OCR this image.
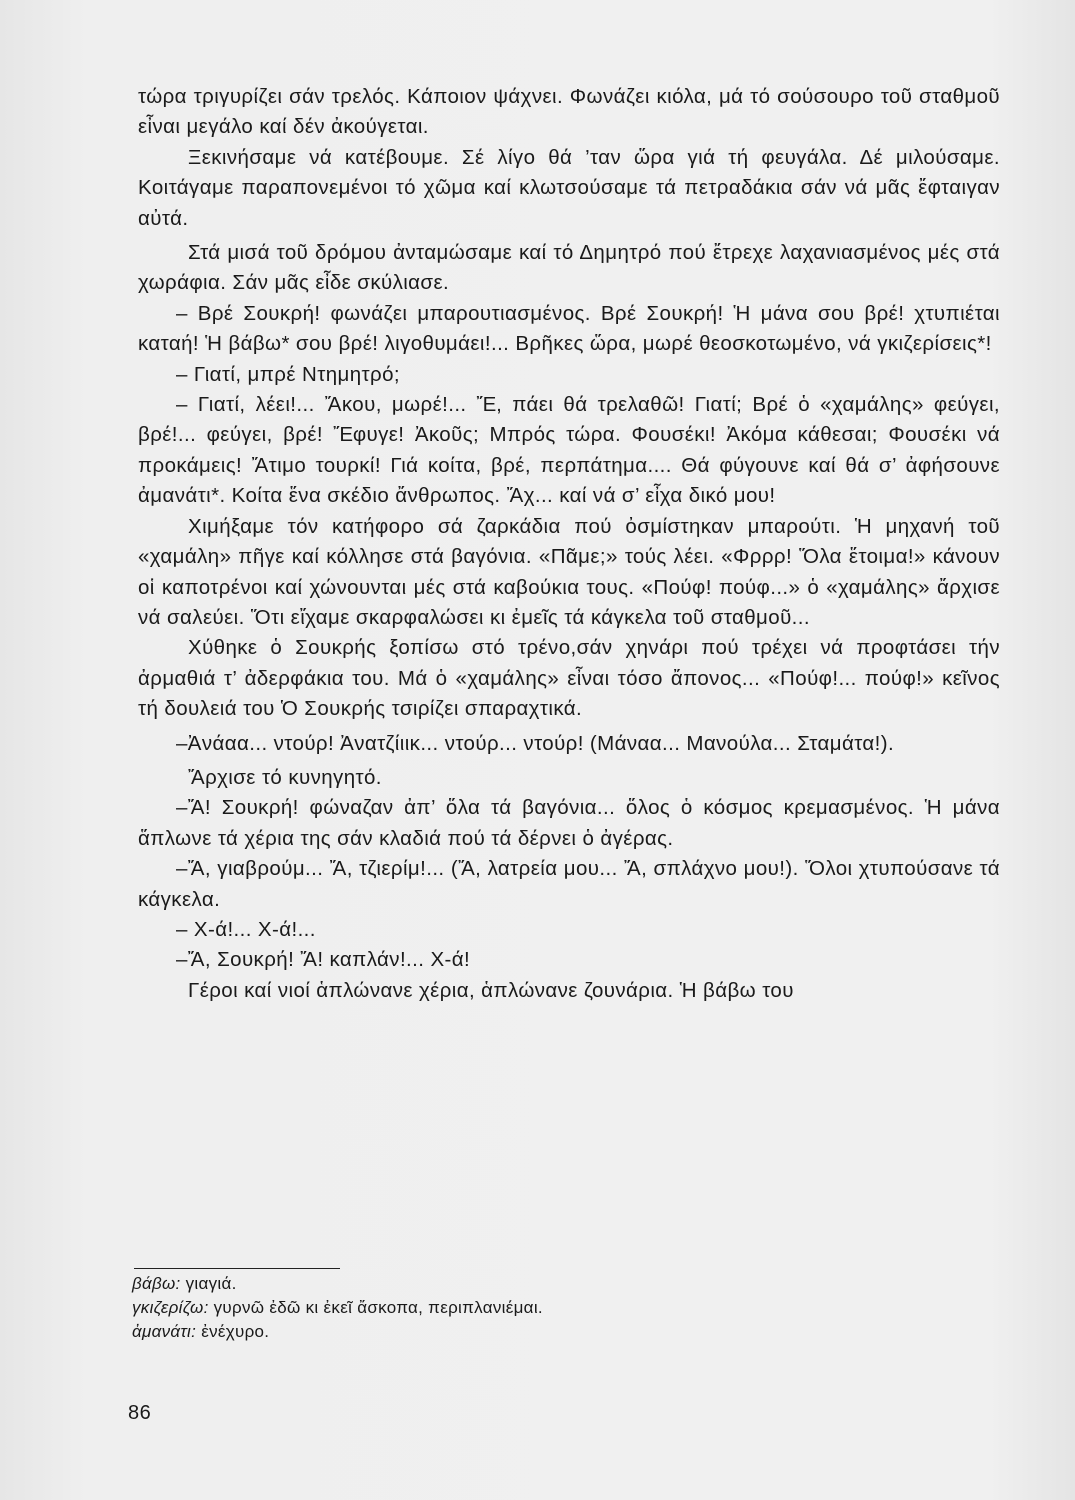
τώρα τριγυρίζει σάν τρελός. Κάποιον ψάχνει. Φωνάζει κιόλα, μά τό σούσουρο τοῦ σταθμοῦ εἶναι μεγάλο καί δέν ἀκούγεται.

Ξεκινήσαμε νά κατέβουμε. Σέ λίγο θά ’ταν ὥρα γιά τή φευγάλα. Δέ μιλούσαμε. Κοιτάγαμε παραπονεμένοι τό χῶμα καί κλωτσούσαμε τά πετραδάκια σάν νά μᾶς ἔφταιγαν αὐτά.

Στά μισά τοῦ δρόμου ἀνταμώσαμε καί τό Δημητρό πού ἔτρεχε λαχανιασμένος μές στά χωράφια. Σάν μᾶς εἶδε σκύλιασε.

– Βρέ Σουκρή! φωνάζει μπαρουτιασμένος. Βρέ Σουκρή! Ἡ μάνα σου βρέ! χτυπιέται καταή! Ἡ βάβω* σου βρέ! λιγοθυμάει!... Βρῆκες ὥρα, μωρέ θεοσκοτωμένο, νά γκιζερίσεις*!

– Γιατί, μπρέ Ντημητρό;

– Γιατί, λέει!... Ἄκου, μωρέ!... Ἔ, πάει θά τρελαθῶ! Γιατί; Βρέ ὁ «χαμάλης» φεύγει, βρέ!... φεύγει, βρέ! Ἔφυγε! Ἀκοῦς; Μπρός τώρα. Φουσέκι! Ἀκόμα κάθεσαι; Φουσέκι νά προκάμεις! Ἄτιμο τουρκί! Γιά κοίτα, βρέ, περπάτημα.... Θά φύγουνε καί θά σ’ ἀφήσουνε ἀμανάτι*. Κοίτα ἕνα σκέδιο ἄνθρωπος. Ἄχ... καί νά σ’ εἶχα δικό μου!

Χιμήξαμε τόν κατήφορο σά ζαρκάδια πού ὀσμίστηκαν μπαρούτι. Ἡ μηχανή τοῦ «χαμάλη» πῆγε καί κόλλησε στά βαγόνια. «Πᾶμε;» τούς λέει. «Φρρρ! Ὅλα ἕτοιμα!» κάνουν οἱ καποτρένοι καί χώνουνται μές στά καβούκια τους. «Πούφ! πούφ...» ὁ «χαμάλης» ἄρχισε νά σαλεύει. Ὅτι εἴχαμε σκαρφαλώσει κι ἐμεῖς τά κάγκελα τοῦ σταθμοῦ...

Χύθηκε ὁ Σουκρής ξοπίσω στό τρένο,σάν χηνάρι πού τρέχει νά προφτάσει τήν ἀρμαθιά τ’ ἀδερφάκια του. Μά ὁ «χαμάλης» εἶναι τόσο ἄπονος... «Πούφ!... πούφ!» κεῖνος τή δουλειά του Ὁ Σουκρής τσιρίζει σπαραχτικά.

–Ἀνάαα... ντούρ! Ἀνατζίιικ... ντούρ... ντούρ! (Μάναα... Μανούλα... Σταμάτα!).

Ἄρχισε τό κυνηγητό.

–Ἄ! Σουκρή! φώναζαν ἀπ’ ὅλα τά βαγόνια... ὅλος ὁ κόσμος κρεμασμένος. Ἡ μάνα ἅπλωνε τά χέρια της σάν κλαδιά πού τά δέρνει ὁ ἀγέρας.

–Ἄ, γιαβρούμ... Ἄ, τζιερίμ!... (Ἄ, λατρεία μου... Ἄ, σπλάχνο μου!). Ὅλοι χτυπούσανε τά κάγκελα.

– Χ-ά!... Χ-ά!...

–Ἄ, Σουκρή! Ἄ! καπλάν!... Χ-ά!

Γέροι καί νιοί ἁπλώνανε χέρια, ἁπλώνανε ζουνάρια. Ἡ βάβω του

βάβω: γιαγιά.

γκιζερίζω: γυρνῶ ἐδῶ κι ἐκεῖ ἄσκοπα, περιπλανιέμαι.

ἀμανάτι: ἐνέχυρο.

86
